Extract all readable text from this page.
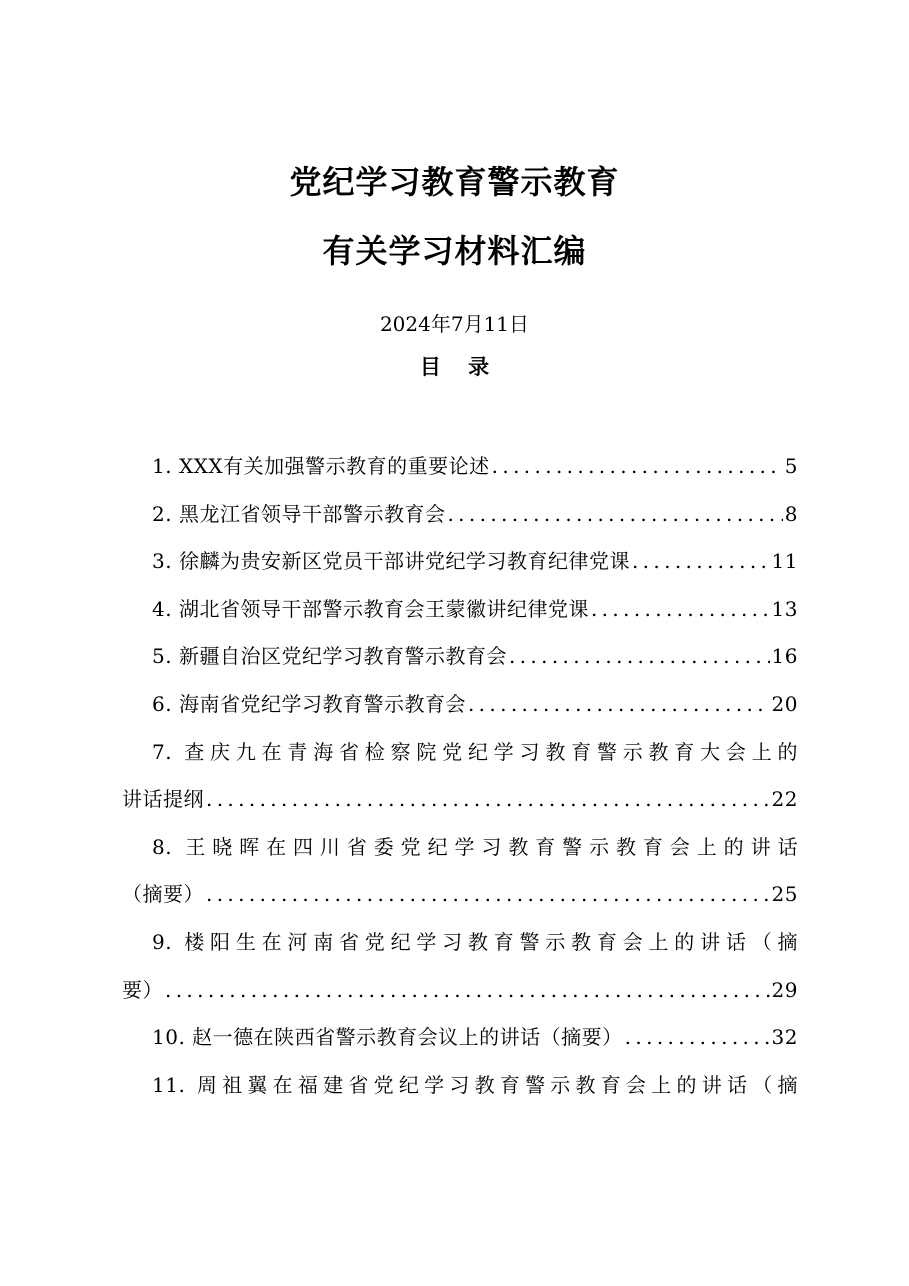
党纪学习教育警示教育
有关学习材料汇编
2024年7月11日
目 录
1. XXX有关加强警示教育的重要论述 . . .	5
2. 黑龙江省领导干部警示教育会 . . .	8
3. 徐麟为贵安新区党员干部讲党纪学习教育纪律党课 . . .	11
4. 湖北省领导干部警示教育会王蒙徽讲纪律党课 . . .	13
5. 新疆自治区党纪学习教育警示教育会 . . .	16
6. 海南省党纪学习教育警示教育会 . . .	20
7. 查庆九在青海省检察院党纪学习教育警示教育大会上的
讲话提纲 . . .	22
8. 王晓晖在四川省委党纪学习教育警示教育会上的讲话
（摘要） . . .	25
9. 楼阳生在河南省党纪学习教育警示教育会上的讲话（摘
要） . . .	29
10. 赵一德在陕西省警示教育会议上的讲话（摘要） . . .	32
11. 周祖翼在福建省党纪学习教育警示教育会上的讲话（摘
